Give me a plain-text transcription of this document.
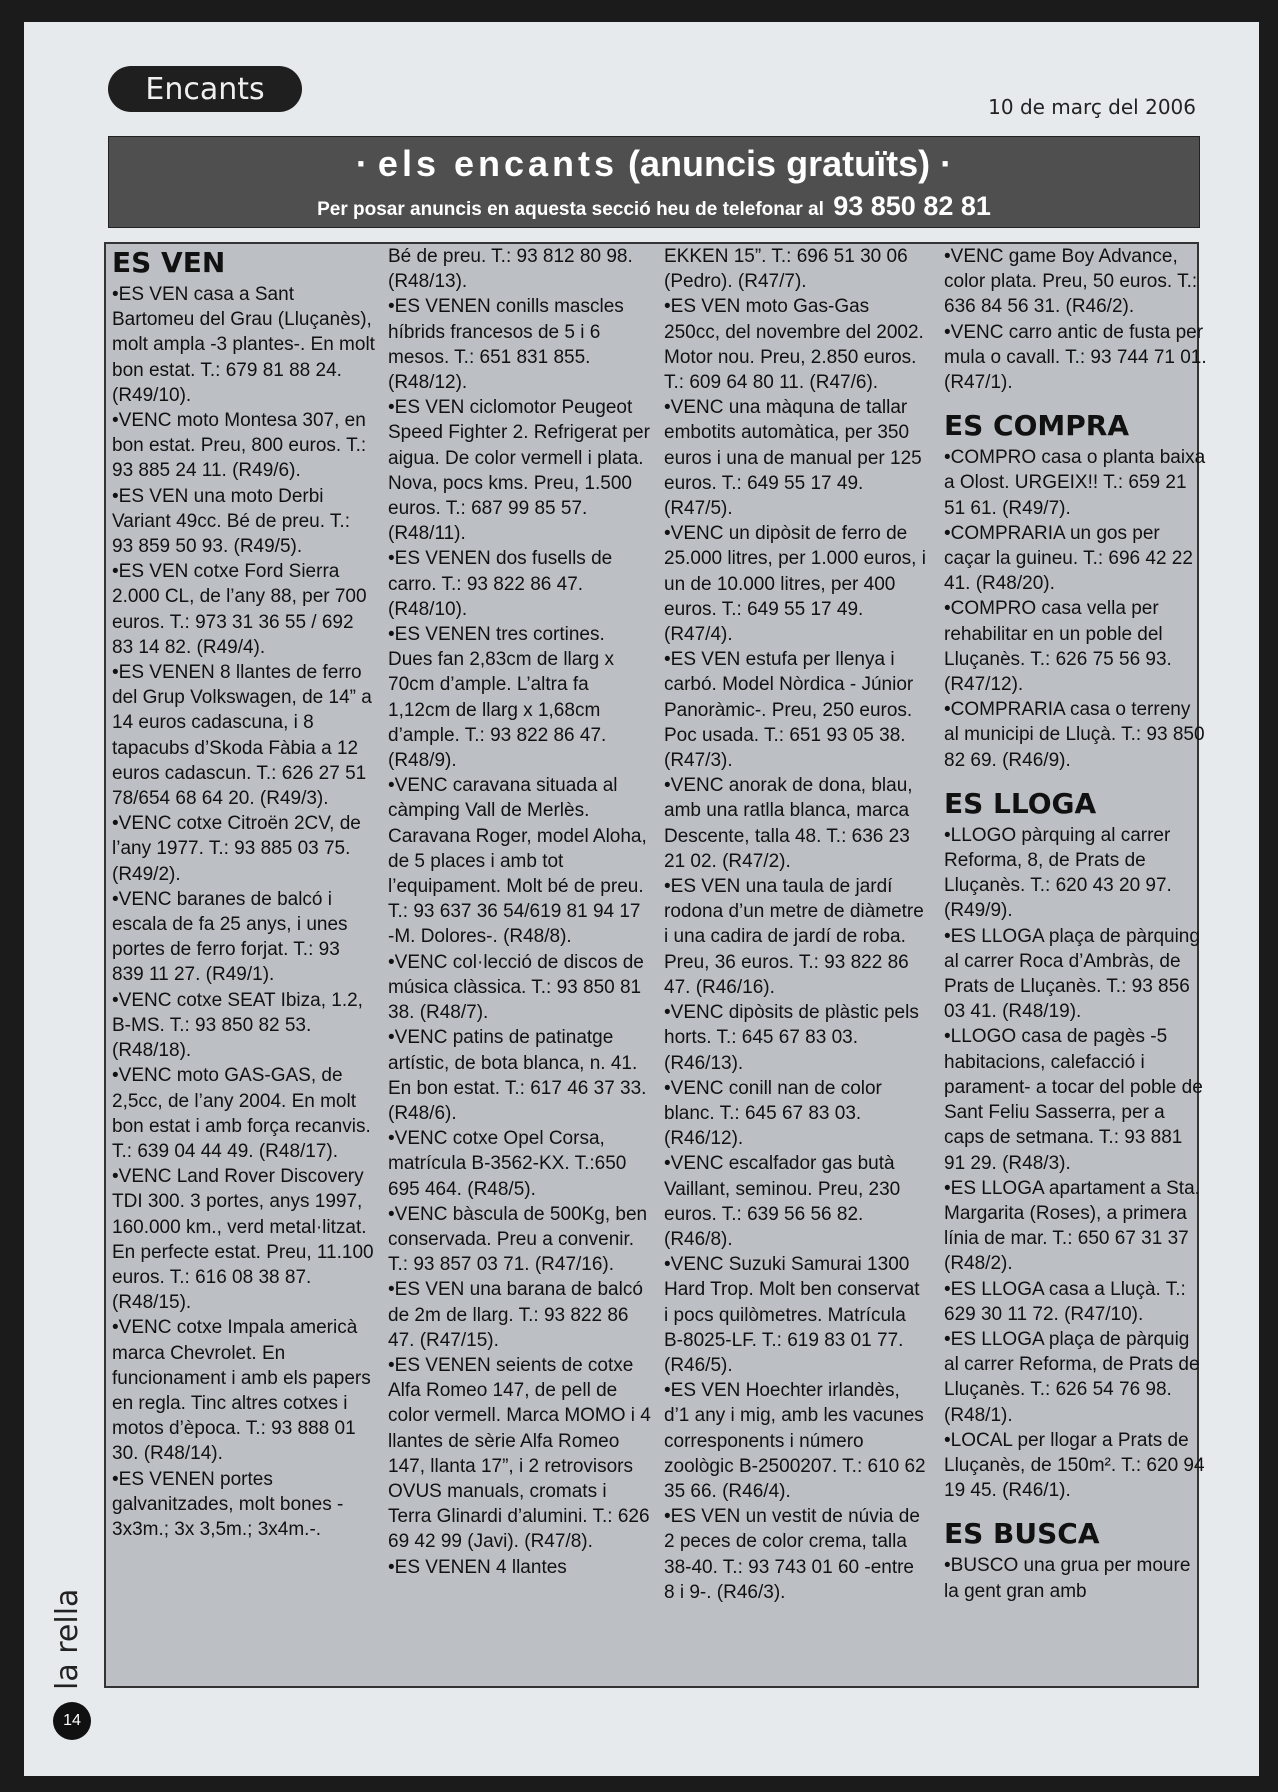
Encants
10 de març del 2006
· els encants (anuncis gratuïts) ·
Per posar anuncis en aquesta secció heu de telefonar al 93 850 82 81
ES VEN

• ES VEN casa a Sant Bartomeu del Grau (Lluçanès), molt ampla -3 plantes-. En molt bon estat. T.: 679 81 88 24. (R49/10).

• VENC moto Montesa 307, en bon estat. Preu, 800 euros. T.: 93 885 24 11. (R49/6).

• ES VEN una moto Derbi Variant 49cc. Bé de preu. T.: 93 859 50 93. (R49/5).

• ES VEN cotxe Ford Sierra 2.000 CL, de l’any 88, per 700 euros. T.: 973 31 36 55 / 692 83 14 82. (R49/4).

• ES VENEN 8 llantes de ferro del Grup Volkswagen, de 14” a 14 euros cadascuna, i 8 tapacubs d’Skoda Fàbia a 12 euros cadascun. T.: 626 27 51 78/654 68 64 20. (R49/3).

• VENC cotxe Citroën 2CV, de l’any 1977. T.: 93 885 03 75. (R49/2).

• VENC baranes de balcó i escala de fa 25 anys, i unes portes de ferro forjat. T.: 93 839 11 27. (R49/1).

• VENC cotxe SEAT Ibiza, 1.2, B-MS. T.: 93 850 82 53. (R48/18).

• VENC moto GAS-GAS, de 2,5cc, de l’any 2004. En molt bon estat i amb força recanvis. T.: 639 04 44 49. (R48/17).

• VENC Land Rover Discovery TDI 300. 3 portes, anys 1997, 160.000 km., verd metal·litzat. En perfecte estat. Preu, 11.100 euros. T.: 616 08 38 87. (R48/15).

• VENC cotxe Impala americà marca Chevrolet. En funcionament i amb els papers en regla. Tinc altres cotxes i motos d’època. T.: 93 888 01 30. (R48/14).

• ES VENEN portes galvanitzades, molt bones - 3x3m.; 3x 3,5m.; 3x4m.-.

Bé de preu. T.: 93 812 80 98. (R48/13).

• ES VENEN conills mascles híbrids francesos de 5 i 6 mesos. T.: 651 831 855. (R48/12).

• ES VEN ciclomotor Peugeot Speed Fighter 2. Refrigerat per aigua. De color vermell i plata. Nova, pocs kms. Preu, 1.500 euros. T.: 687 99 85 57. (R48/11).

• ES VENEN dos fusells de carro. T.: 93 822 86 47. (R48/10).

• ES VENEN tres cortines. Dues fan 2,83cm de llarg x 70cm d’ample. L’altra fa 1,12cm de llarg x 1,68cm d’ample. T.: 93 822 86 47. (R48/9).

• VENC caravana situada al càmping Vall de Merlès. Caravana Roger, model Aloha, de 5 places i amb tot l’equipament. Molt bé de preu. T.: 93 637 36 54/619 81 94 17 -M. Dolores-. (R48/8).

• VENC col·lecció de discos de música clàssica. T.: 93 850 81 38. (R48/7).

• VENC patins de patinatge artístic, de bota blanca, n. 41. En bon estat. T.: 617 46 37 33. (R48/6).

• VENC cotxe Opel Corsa, matrícula B-3562-KX. T.:650 695 464. (R48/5).

• VENC bàscula de 500Kg, ben conservada. Preu a convenir. T.: 93 857 03 71. (R47/16).

• ES VEN una barana de balcó de 2m de llarg. T.: 93 822 86 47. (R47/15).

• ES VENEN seients de cotxe Alfa Romeo 147, de pell de color vermell. Marca MOMO i 4 llantes de sèrie Alfa Romeo 147, llanta 17”, i 2 retrovisors OVUS manuals, cromats i Terra Glinardi d’alumini. T.: 626 69 42 99 (Javi). (R47/8).

• ES VENEN 4 llantes

EKKEN 15”. T.: 696 51 30 06 (Pedro). (R47/7).

• ES VEN moto Gas-Gas 250cc, del novembre del 2002. Motor nou. Preu, 2.850 euros. T.: 609 64 80 11. (R47/6).

• VENC una màquna de tallar embotits automàtica, per 350 euros i una de manual per 125 euros. T.: 649 55 17 49. (R47/5).

• VENC un dipòsit de ferro de 25.000 litres, per 1.000 euros, i un de 10.000 litres, per 400 euros. T.: 649 55 17 49. (R47/4).

• ES VEN estufa per llenya i carbó. Model Nòrdica - Júnior Panoràmic-. Preu, 250 euros. Poc usada. T.: 651 93 05 38. (R47/3).

• VENC anorak de dona, blau, amb una ratlla blanca, marca Descente, talla 48. T.: 636 23 21 02. (R47/2).

• ES VEN una taula de jardí rodona d’un metre de diàmetre i una cadira de jardí de roba. Preu, 36 euros. T.: 93 822 86 47. (R46/16).

• VENC dipòsits de plàstic pels horts. T.: 645 67 83 03. (R46/13).

• VENC conill nan de color blanc. T.: 645 67 83 03. (R46/12).

• VENC escalfador gas butà Vaillant, seminou. Preu, 230 euros. T.: 639 56 56 82. (R46/8).

• VENC Suzuki Samurai 1300 Hard Trop. Molt ben conservat i pocs quilòmetres. Matrícula B-8025-LF. T.: 619 83 01 77. (R46/5).

• ES VEN Hoechter irlandès, d’1 any i mig, amb les vacunes corresponents i número zoològic B-2500207. T.: 610 62 35 66. (R46/4).

• ES VEN un vestit de núvia de 2 peces de color crema, talla 38-40. T.: 93 743 01 60 -entre 8 i 9-. (R46/3).

• VENC game Boy Advance, color plata. Preu, 50 euros. T.: 636 84 56 31. (R46/2).

• VENC carro antic de fusta per mula o cavall. T.: 93 744 71 01. (R47/1).

ES COMPRA

• COMPRO casa o planta baixa a Olost. URGEIX!! T.: 659 21 51 61. (R49/7).

• COMPRARIA un gos per caçar la guineu. T.: 696 42 22 41. (R48/20).

• COMPRO casa vella per rehabilitar en un poble del Lluçanès. T.: 626 75 56 93. (R47/12).

• COMPRARIA casa o terreny al municipi de Lluçà. T.: 93 850 82 69. (R46/9).

ES LLOGA

• LLOGO pàrquing al carrer Reforma, 8, de Prats de Lluçanès. T.: 620 43 20 97. (R49/9).

• ES LLOGA plaça de pàrquing al carrer Roca d’Ambràs, de Prats de Lluçanès. T.: 93 856 03 41. (R48/19).

• LLOGO casa de pagès -5 habitacions, calefacció i parament- a tocar del poble de Sant Feliu Sasserra, per a caps de setmana. T.: 93 881 91 29. (R48/3).

• ES LLOGA apartament a Sta. Margarita (Roses), a primera línia de mar. T.: 650 67 31 37 (R48/2).

• ES LLOGA casa a Lluçà. T.: 629 30 11 72. (R47/10).

• ES LLOGA plaça de pàrquig al carrer Reforma, de Prats de Lluçanès. T.: 626 54 76 98. (R48/1).

• LOCAL per llogar a Prats de Lluçanès, de 150m². T.: 620 94 19 45. (R46/1).

ES BUSCA

• BUSCO una grua per moure la gent gran amb

la rella
14
